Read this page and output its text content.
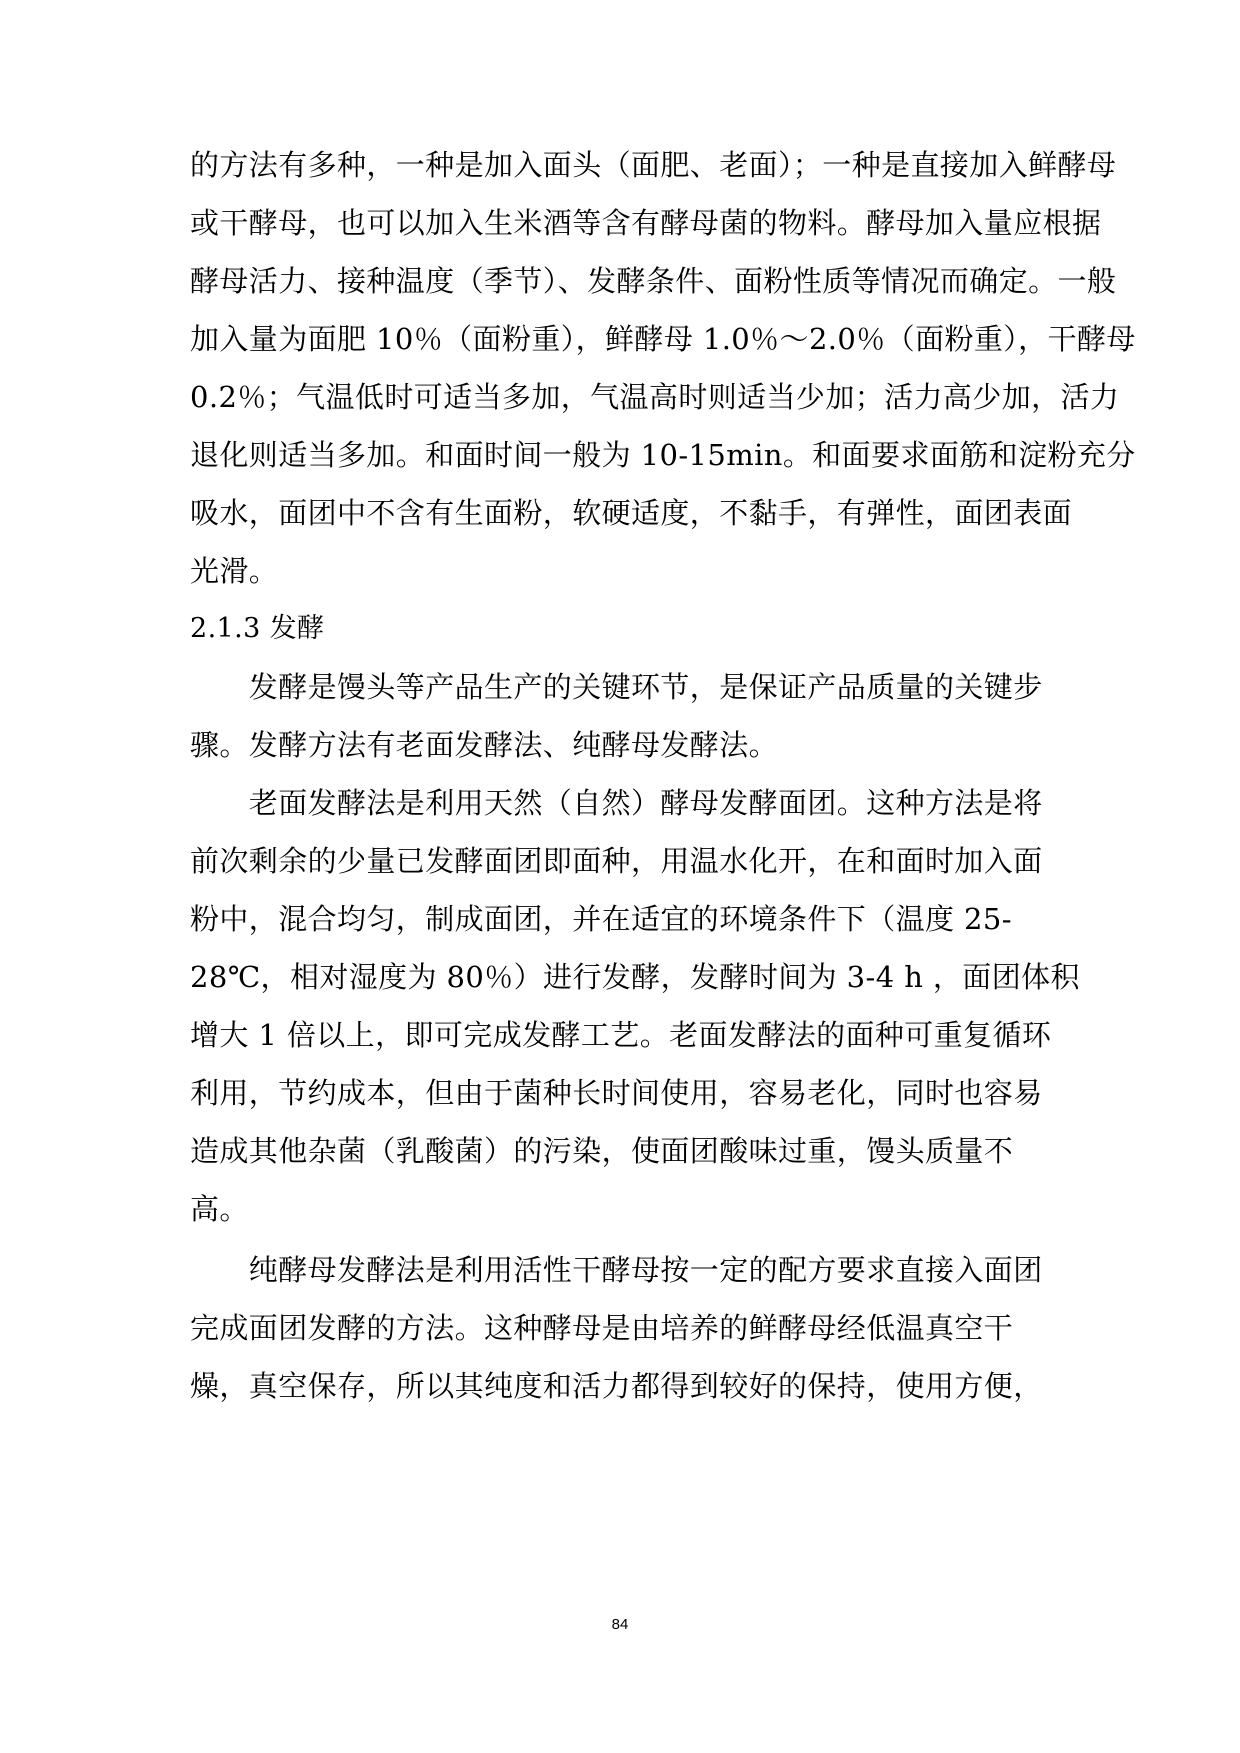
的方法有多种，一种是加入面头（面肥、老面）；一种是直接加入鲜酵母
或干酵母，也可以加入生米酒等含有酵母菌的物料。酵母加入量应根据
酵母活力、接种温度（季节）、发酵条件、面粉性质等情况而确定。一般
加入量为面肥 10％（面粉重），鲜酵母 1.0％～2.0％（面粉重），干酵母
0.2％；气温低时可适当多加，气温高时则适当少加；活力高少加，活力
退化则适当多加。和面时间一般为 10-15min。和面要求面筋和淀粉充分
吸水，面团中不含有生面粉，软硬适度，不黏手，有弹性，面团表面
光滑。
2.1.3 发酵
　　发酵是馒头等产品生产的关键环节，是保证产品质量的关键步
骤。发酵方法有老面发酵法、纯酵母发酵法。
　　老面发酵法是利用天然（自然）酵母发酵面团。这种方法是将
前次剩余的少量已发酵面团即面种，用温水化开，在和面时加入面
粉中，混合均匀，制成面团，并在适宜的环境条件下（温度 25-
28℃，相对湿度为 80％）进行发酵，发酵时间为 3-4 h ，面团体积
增大 1 倍以上，即可完成发酵工艺。老面发酵法的面种可重复循环
利用，节约成本，但由于菌种长时间使用，容易老化，同时也容易
造成其他杂菌（乳酸菌）的污染，使面团酸味过重，馒头质量不
高。
　　纯酵母发酵法是利用活性干酵母按一定的配方要求直接入面团
完成面团发酵的方法。这种酵母是由培养的鲜酵母经低温真空干
燥，真空保存，所以其纯度和活力都得到较好的保持，使用方便，
84
